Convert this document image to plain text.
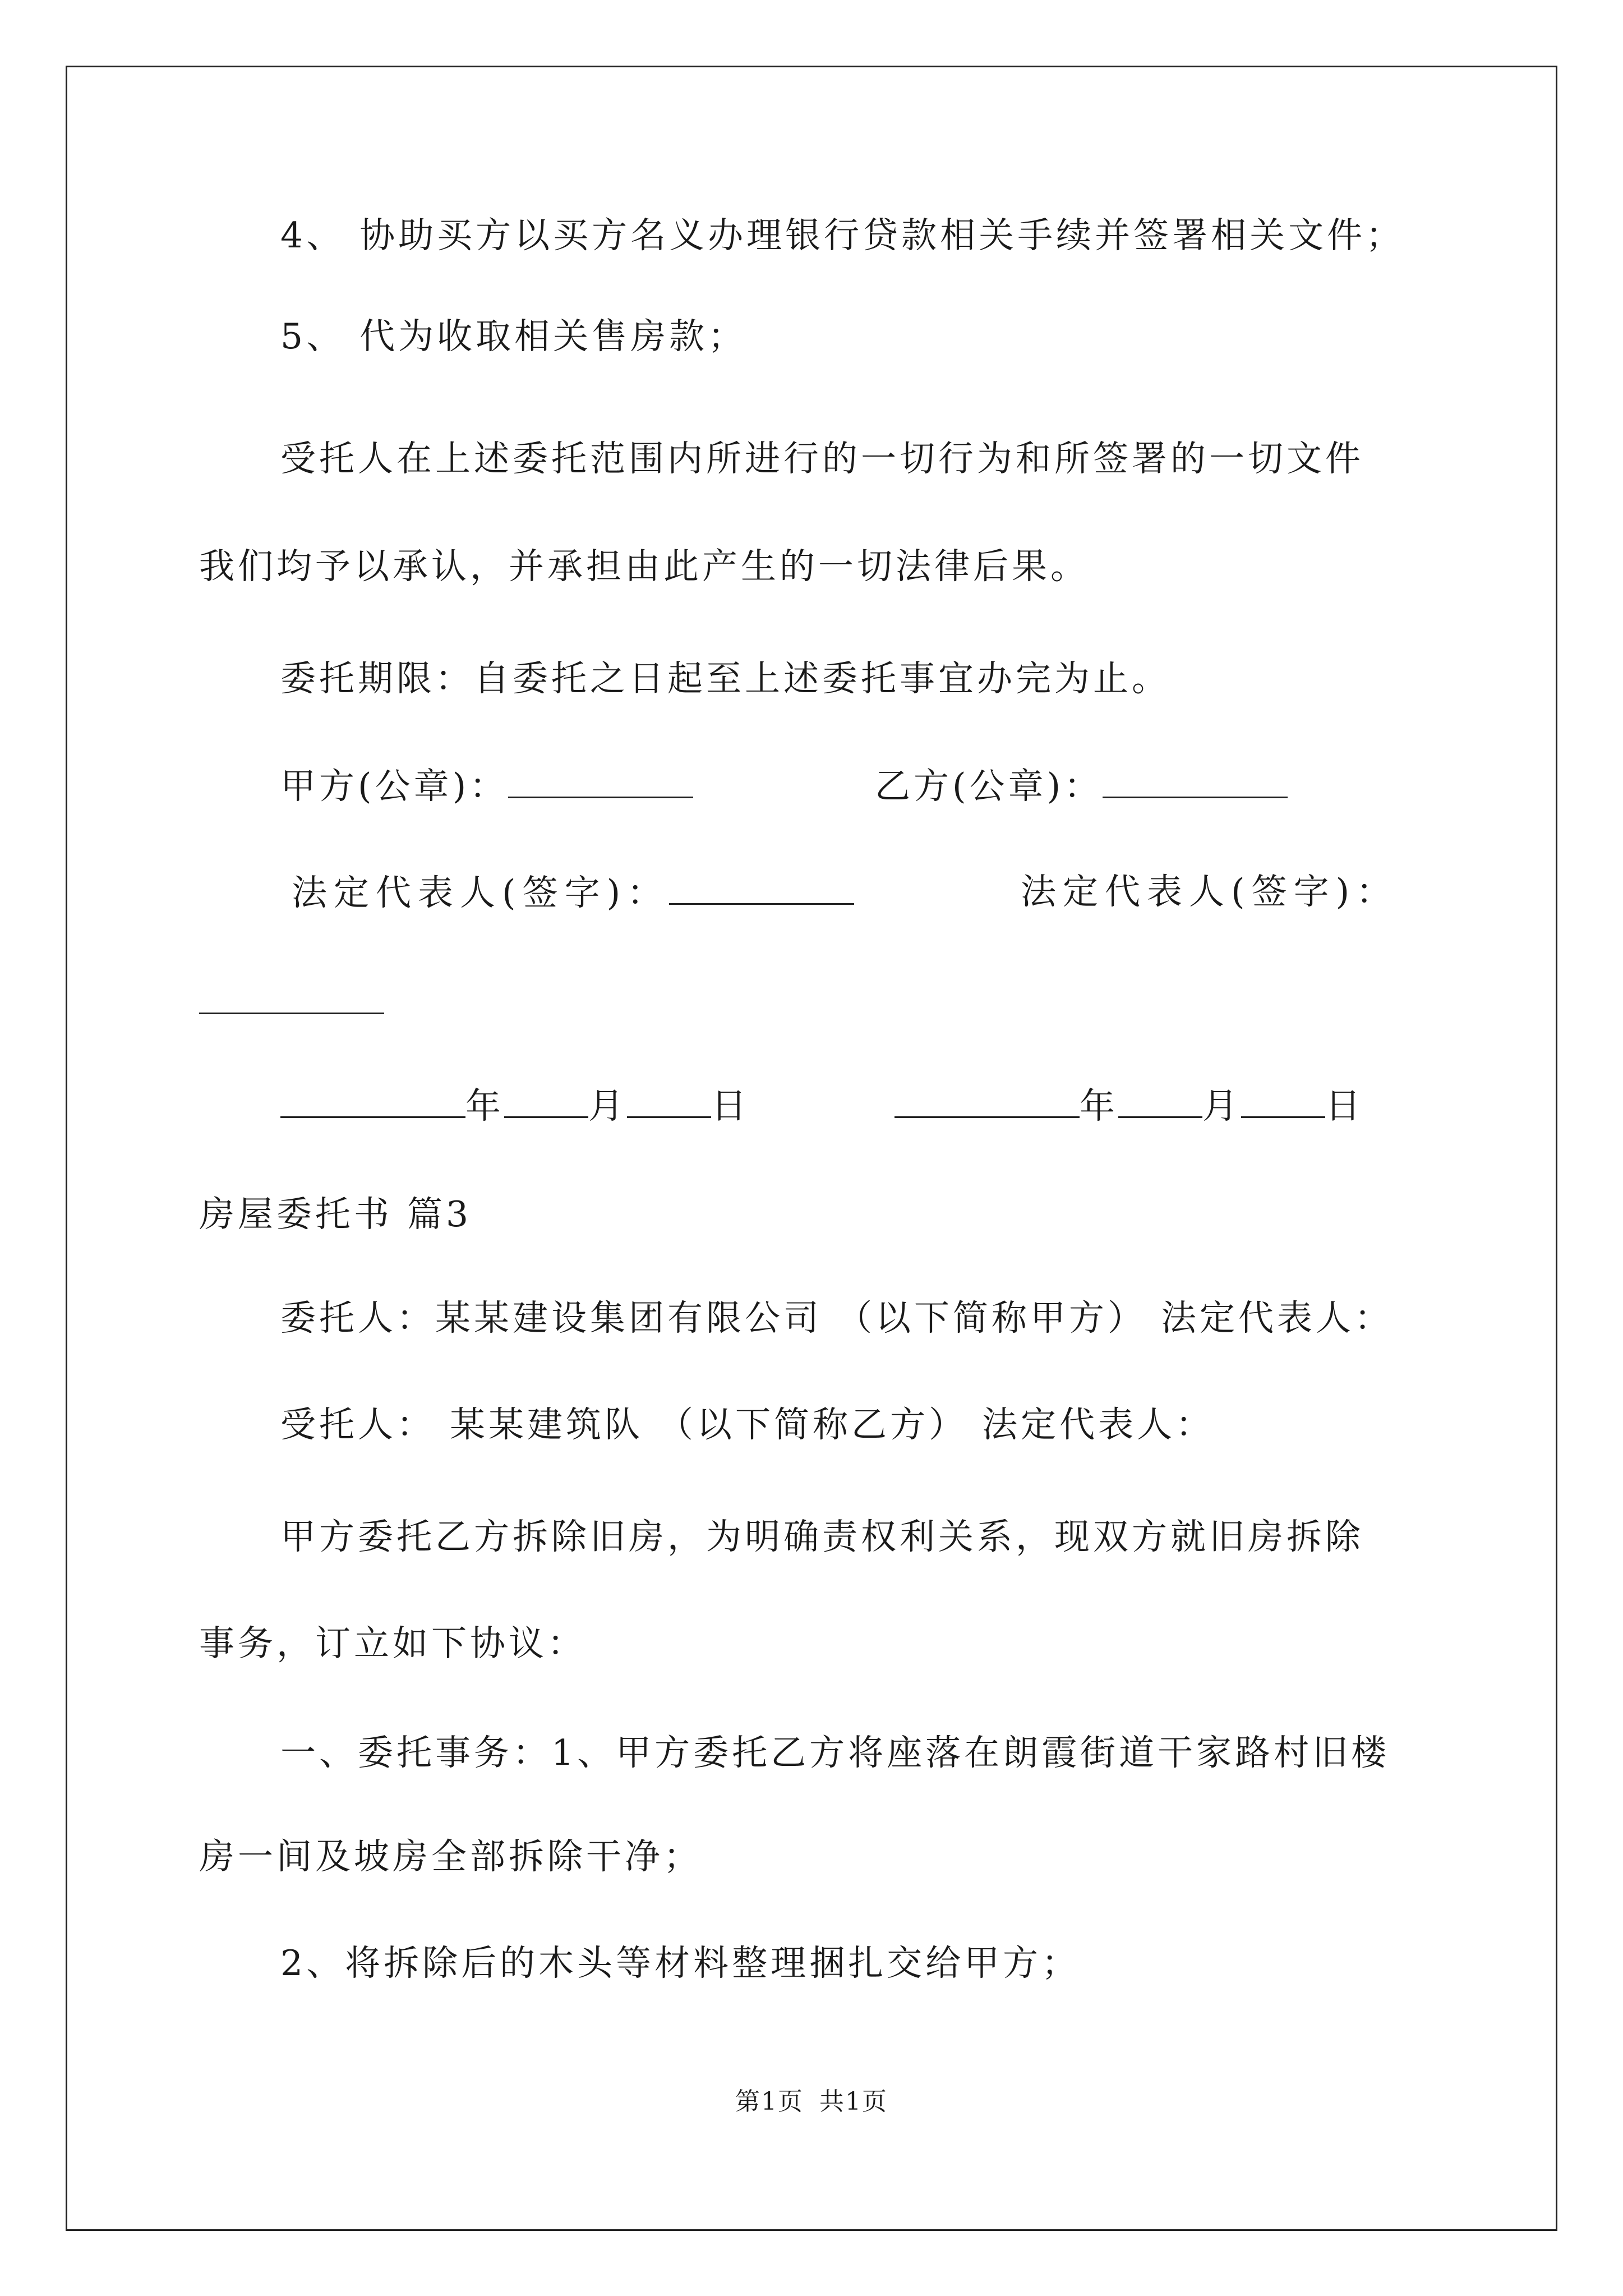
4、 协助买方以买方名义办理银行贷款相关手续并签署相关文件；
5、 代为收取相关售房款；
受托人在上述委托范围内所进行的一切行为和所签署的一切文件
我们均予以承认，并承担由此产生的一切法律后果。
委托期限：自委托之日起至上述委托事宜办完为止。
甲方(公章)：	乙方(公章)：
法定代表人(签字)：	法定代表人(签字)：
年 月 日	年 月 日
房屋委托书 篇3
委托人：某某建设集团有限公司 （以下简称甲方） 法定代表人：
受托人： 某某建筑队 （以下简称乙方） 法定代表人：
甲方委托乙方拆除旧房，为明确责权利关系，现双方就旧房拆除
事务，订立如下协议：
一、委托事务：1、甲方委托乙方将座落在朗霞街道干家路村旧楼
房一间及坡房全部拆除干净；
2、将拆除后的木头等材料整理捆扎交给甲方；
第1页 共1页
